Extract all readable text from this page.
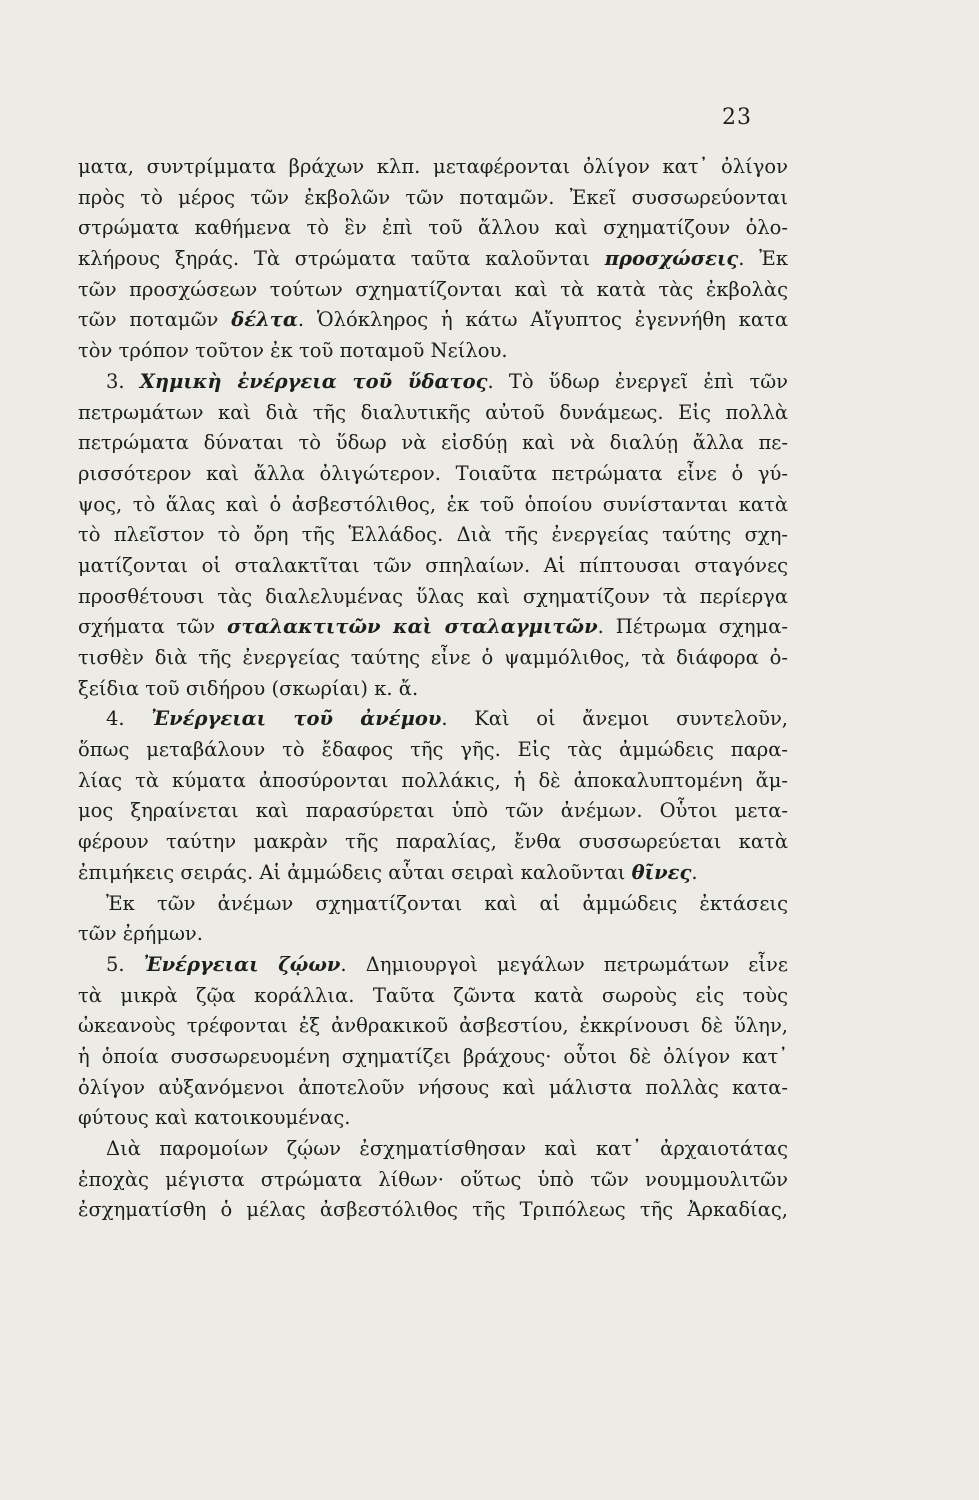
23
ματα, συντρίμματα βράχων κλπ. μεταφέρονται ὀλίγον κατ᾽ ὀλίγον
πρὸς τὸ μέρος τῶν ἐκβολῶν τῶν ποταμῶν. Ἐκεῖ συσσωρεύονται
στρώματα καθήμενα τὸ ἓν ἐπὶ τοῦ ἄλλου καὶ σχηματίζουν ὁλο-
κλήρους ξηράς. Τὰ στρώματα ταῦτα καλοῦνται προσχώσεις. Ἐκ
τῶν προσχώσεων τούτων σχηματίζονται καὶ τὰ κατὰ τὰς ἐκβολὰς
τῶν ποταμῶν δέλτα. Ὁλόκληρος ἡ κάτω Αἴγυπτος ἐγεννήθη κατα
τὸν τρόπον τοῦτον ἐκ τοῦ ποταμοῦ Νείλου.
3. Χημικὴ ἐνέργεια τοῦ ὕδατος. Τὸ ὕδωρ ἐνεργεῖ ἐπὶ τῶν
πετρωμάτων καὶ διὰ τῆς διαλυτικῆς αὐτοῦ δυνάμεως. Εἰς πολλὰ
πετρώματα δύναται τὸ ὕδωρ νὰ εἰσδύῃ καὶ νὰ διαλύῃ ἄλλα πε-
ρισσότερον καὶ ἄλλα ὀλιγώτερον. Τοιαῦτα πετρώματα εἶνε ὁ γύ-
ψος, τὸ ἅλας καὶ ὁ ἀσβεστόλιθος, ἐκ τοῦ ὁποίου συνίστανται κατὰ
τὸ πλεῖστον τὸ ὄρη τῆς Ἑλλάδος. Διὰ τῆς ἐνεργείας ταύτης σχη-
ματίζονται οἱ σταλακτῖται τῶν σπηλαίων. Αἱ πίπτουσαι σταγόνες
προσθέτουσι τὰς διαλελυμένας ὕλας καὶ σχηματίζουν τὰ περίεργα
σχήματα τῶν σταλακτιτῶν καὶ σταλαγμιτῶν. Πέτρωμα σχημα-
τισθὲν διὰ τῆς ἐνεργείας ταύτης εἶνε ὁ ψαμμόλιθος, τὰ διάφορα ὀ-
ξείδια τοῦ σιδήρου (σκωρίαι) κ. ἄ.
4. Ἐνέργειαι τοῦ ἀνέμου. Καὶ οἱ ἄνεμοι συντελοῦν,
ὅπως μεταβάλουν τὸ ἔδαφος τῆς γῆς. Εἰς τὰς ἀμμώδεις παρα-
λίας τὰ κύματα ἀποσύρονται πολλάκις, ἡ δὲ ἀποκαλυπτομένη ἄμ-
μος ξηραίνεται καὶ παρασύρεται ὑπὸ τῶν ἀνέμων. Οὗτοι μετα-
φέρουν ταύτην μακρὰν τῆς παραλίας, ἔνθα συσσωρεύεται κατὰ
ἐπιμήκεις σειράς. Αἱ ἀμμώδεις αὗται σειραὶ καλοῦνται θῖνες.
Ἐκ τῶν ἀνέμων σχηματίζονται καὶ αἱ ἀμμώδεις ἐκτάσεις
τῶν ἐρήμων.
5. Ἐνέργειαι ζῴων. Δημιουργοὶ μεγάλων πετρωμάτων εἶνε
τὰ μικρὰ ζῷα κοράλλια. Ταῦτα ζῶντα κατὰ σωροὺς εἰς τοὺς
ὠκεανοὺς τρέφονται ἐξ ἀνθρακικοῦ ἀσβεστίου, ἐκκρίνουσι δὲ ὕλην,
ἡ ὁποία συσσωρευομένη σχηματίζει βράχους· οὗτοι δὲ ὀλίγον κατ᾽
ὀλίγον αὐξανόμενοι ἀποτελοῦν νήσους καὶ μάλιστα πολλὰς κατα-
φύτους καὶ κατοικουμένας.
Διὰ παρομοίων ζῴων ἐσχηματίσθησαν καὶ κατ᾽ ἀρχαιοτάτας
ἐποχὰς μέγιστα στρώματα λίθων· οὕτως ὑπὸ τῶν νουμμουλιτῶν
ἐσχηματίσθη ὁ μέλας ἀσβεστόλιθος τῆς Τριπόλεως τῆς Ἀρκαδίας,
